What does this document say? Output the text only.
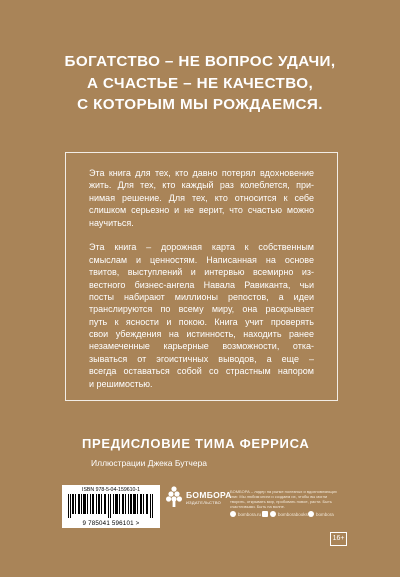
БОГАТСТВО – НЕ ВОПРОС УДАЧИ,
А СЧАСТЬЕ – НЕ КАЧЕСТВО,
С КОТОРЫМ МЫ РОЖДАЕМСЯ.
Эта книга для тех, кто давно потерял вдохновение
жить. Для тех, кто каждый раз колеблется, при-
нимая решение. Для тех, кто относится к себе
слишком серьезно и не верит, что счастью можно
научиться.
Эта книга – дорожная карта к собственным
смыслам и ценностям. Написанная на основе
твитов, выступлений и интервью всемирно из-
вестного бизнес-ангела Навала Равиканта, чьи
посты набирают миллионы репостов, а идеи
транслируются по всему миру, она раскрывает
путь к ясности и покою. Книга учит проверять
свои убеждения на истинность, находить ранее
незамеченные карьерные возможности, отка-
зываться от эгоистичных выводов, а еще –
всегда оставаться собой со страстным напором
и решимостью.
ПРЕДИСЛОВИЕ ТИМА ФЕРРИСА
Иллюстрации Джека Бутчера
ISBN 978-5-04-159610-1
9 785041 596101 >
БОМБОРА
ИЗДАТЕЛЬСТВО
БОМБОРА – лидер на рынке полезных и вдохновляющих книг. Мы любим книги и создаем их, чтобы вы могли творить, открывать мир, пробовать новое, расти. Быть счастливыми. Быть на волне.
bombora.ru	bomborabooks bombora
16+
